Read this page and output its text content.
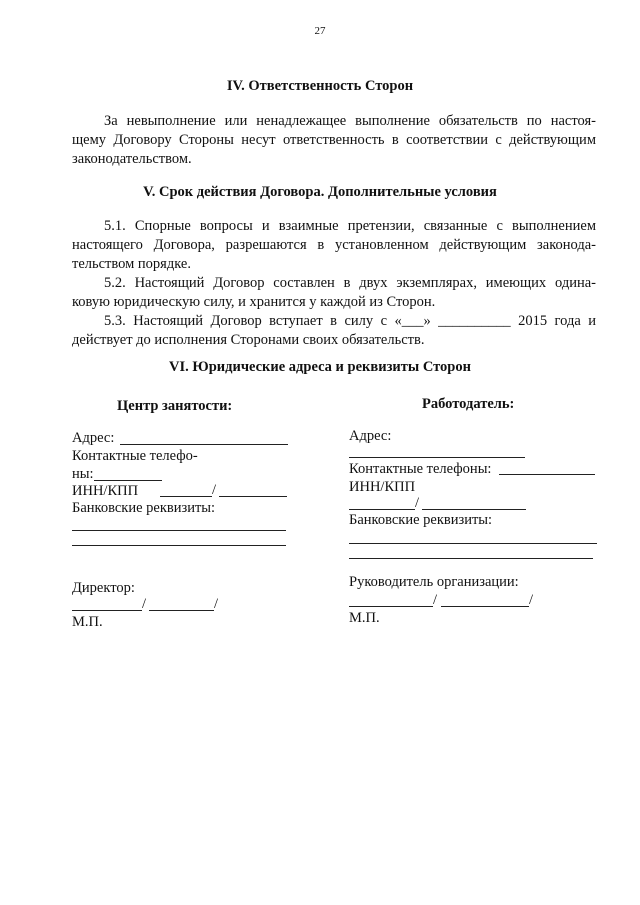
27
IV. Ответственность Сторон
За невыполнение или ненадлежащее выполнение обязательств по настоя-
щему Договору Стороны несут ответственность в соответствии с действующим
законодательством.
V. Срок действия Договора. Дополнительные условия
5.1. Спорные вопросы и взаимные претензии, связанные с выполнением
настоящего Договора, разрешаются в установленном действующим законода-
тельством порядке.
5.2. Настоящий Договор составлен в двух экземплярах, имеющих одина-
ковую юридическую силу, и хранится у каждой из Сторон.
5.3. Настоящий Договор вступает в силу с «___» __________ 2015 года и
действует до исполнения Сторонами своих обязательств.
VI. Юридические адреса и реквизиты Сторон
Центр занятости:
Адрес:
Контактные телефо-
ны:
ИНН/КПП	/
Банковские реквизиты:
Директор:
/	/
М.П.
Работодатель:
Адрес:
Контактные телефоны:
ИНН/КПП
/
Банковские реквизиты:
Руководитель организации:
/	/
М.П.
